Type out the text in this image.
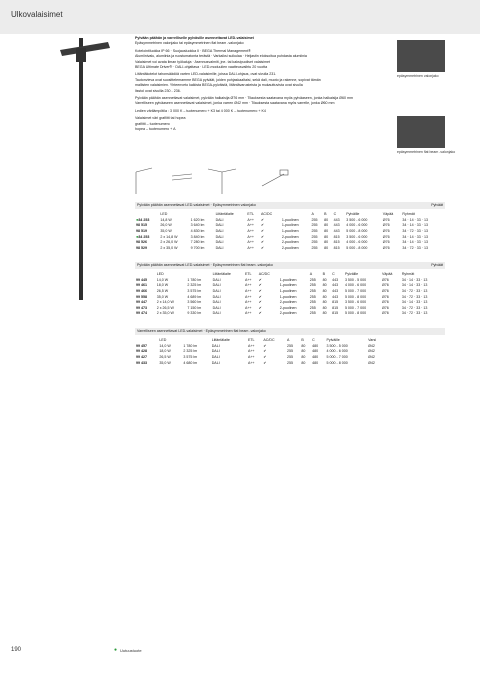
Ulkovalaisimet

Pylvään päähän ja varrelliselle pylväsille asennettavat LED-valaisimet

Epäsymmetrinen valonjako tai epäsymmetrinen flat beam -valonjako

Kotelointiluokka IP 66 · Suojausluokka II · BEGA Thermal Management®

Alumiinivalu, alumiinia ja ruostumatonta terästä · Varkaiksi suikulaa · Heijastin eloksoitua puhdasta alumiinia

Valaisimet voi avata ilman työkaluja · Asennusvalmiit, jne- tai kaksipuoliset valaisimet

BEGA Ultimate Driver® · DALI-ohjattava · LED-moduulien vaatteusvaihtu 20 vuotta

Liitäntäkotelot tahonsäädöä varten LED-valaisimille, joissa DALI-ohjaus, ovat sivulla 231.

Tautonvieva ovat suosittelemamme BEGA pylväät, joiden pohjaskaaltaisi, sekä dali, muoto ja rakenne, sopivat tämän

mallisten valaisimien. Yhteenveto kaikista BEGA-pylväistä, liitäntävarusteista ja mukauttuvista ovat sivulla

lisstol ovat sivuilla 230 - 236.

Pylvään päähän asennettavat valaisimet, pylvään halkaisija Ø76 mm · Tilauksesta saatavana myös pylväaseen, jonka halkaisija Ø60 mm

Varrelliseen pylväaseen asennettavat valaisimet, jonka varren Ø42 mm · Tilauksesta saatavana myös varrelle, jonka Ø60 mm

Ledien värilämpötila : 3 000 K – tuotenumero + K3 tai 4 000 K – tuotenumero + K4

Valaisimet väri grafiitti tai hopea

grafiitti – tuotenumero

hopea – tuotenumero + A

epäsymmetrinen valonjako
epäsymmetrinen flat beam -valonjako
Pylvään päähän asennettavat LED-valaisimet · Epäsymmetrinen valonjako	Pylväät
	LED		Liitäntälaite	ETL	AC/DC		A	B	C	Pylväille	Väpää	Ryhmät
●84 253	14,8 W	1 620 lm	DALI	A++	✔	1-puolinen	255	80	443	3 500 - 6 000	Ø76	34 · 14 · 33 · 13
98 515	26,0 W	3 640 lm	DALI	A++	✔	1-puolinen	255	80	443	4 000 - 6 000	Ø76	34 · 14 · 33 · 13
98 519	35,0 W	4 830 lm	DALI	A++	✔	1-puolinen	255	80	443	5 000 - 8 000	Ø76	34 · 72 · 33 · 13
●84 253	2 x 14,8 W	3 840 lm	DALI	A++	✔	2-puolinen	255	80	815	3 500 - 6 000	Ø76	34 · 14 · 33 · 13
98 526	2 x 26,0 W	7 280 lm	DALI	A++	✔	2-puolinen	255	80	815	4 000 - 6 000	Ø76	34 · 14 · 33 · 13
98 529	2 x 35,0 W	9 700 lm	DALI	A++	✔	2-puolinen	255	80	815	5 000 - 8 000	Ø76	34 · 72 · 33 · 13
Pylvään päähän asennettavat LED-valaisimet · Epäsymmetrinen flat beam -valonjako	Pylväät
	LED		Liitäntälaite	ETL	AC/DC		A	B	C	Pylväille	Väpää	Ryhmät
99 445	14,0 W	1 780 lm	DALI	A++	✔	1-puolinen	255	80	443	3 500 - 5 000	Ø76	34 · 14 · 33 · 13
99 461	18,0 W	2 325 lm	DALI	A++	✔	1-puolinen	255	80	443	4 000 - 6 000	Ø76	34 · 14 · 33 · 13
99 466	26,5 W	3 575 lm	DALI	A++	✔	1-puolinen	255	80	443	5 000 - 7 000	Ø76	34 · 72 · 33 · 13
99 558	35,0 W	4 689 lm	DALI	A++	✔	1-puolinen	255	80	443	5 000 - 8 000	Ø76	34 · 72 · 33 · 13
99 447	2 x 14,0 W	3 560 lm	DALI	A++	✔	2-puolinen	255	80	815	3 500 - 6 000	Ø76	34 · 14 · 33 · 13
99 473	2 x 26,5 W	7 150 lm	DALI	A++	✔	2-puolinen	255	80	815	5 000 - 7 000	Ø76	34 · 72 · 33 · 13
99 474	2 x 35,0 W	9 330 lm	DALI	A++	✔	2-puolinen	255	80	815	5 000 - 8 000	Ø76	34 · 72 · 33 · 13
Varrelliseen asennettavat LED-valaisimet · Epäsymmetrinen flat beam -valonjako
	LED		Liitäntälaite	ETL	AC/DC	A	B	C	Pylväille	Varsi
99 457	14,0 W	1 780 lm	DALI	A++	✔	255	80	480	3 500 - 5 000	Ø42
99 428	18,0 W	2 325 lm	DALI	A++	✔	255	80	480	4 000 - 6 000	Ø42
99 427	26,5 W	3 575 lm	DALI	A++	✔	255	80	480	5 000 - 7 000	Ø42
99 433	35,0 W	4 680 lm	DALI	A++	✔	255	80	480	5 000 - 8 000	Ø42
190	● Uutuustuote
